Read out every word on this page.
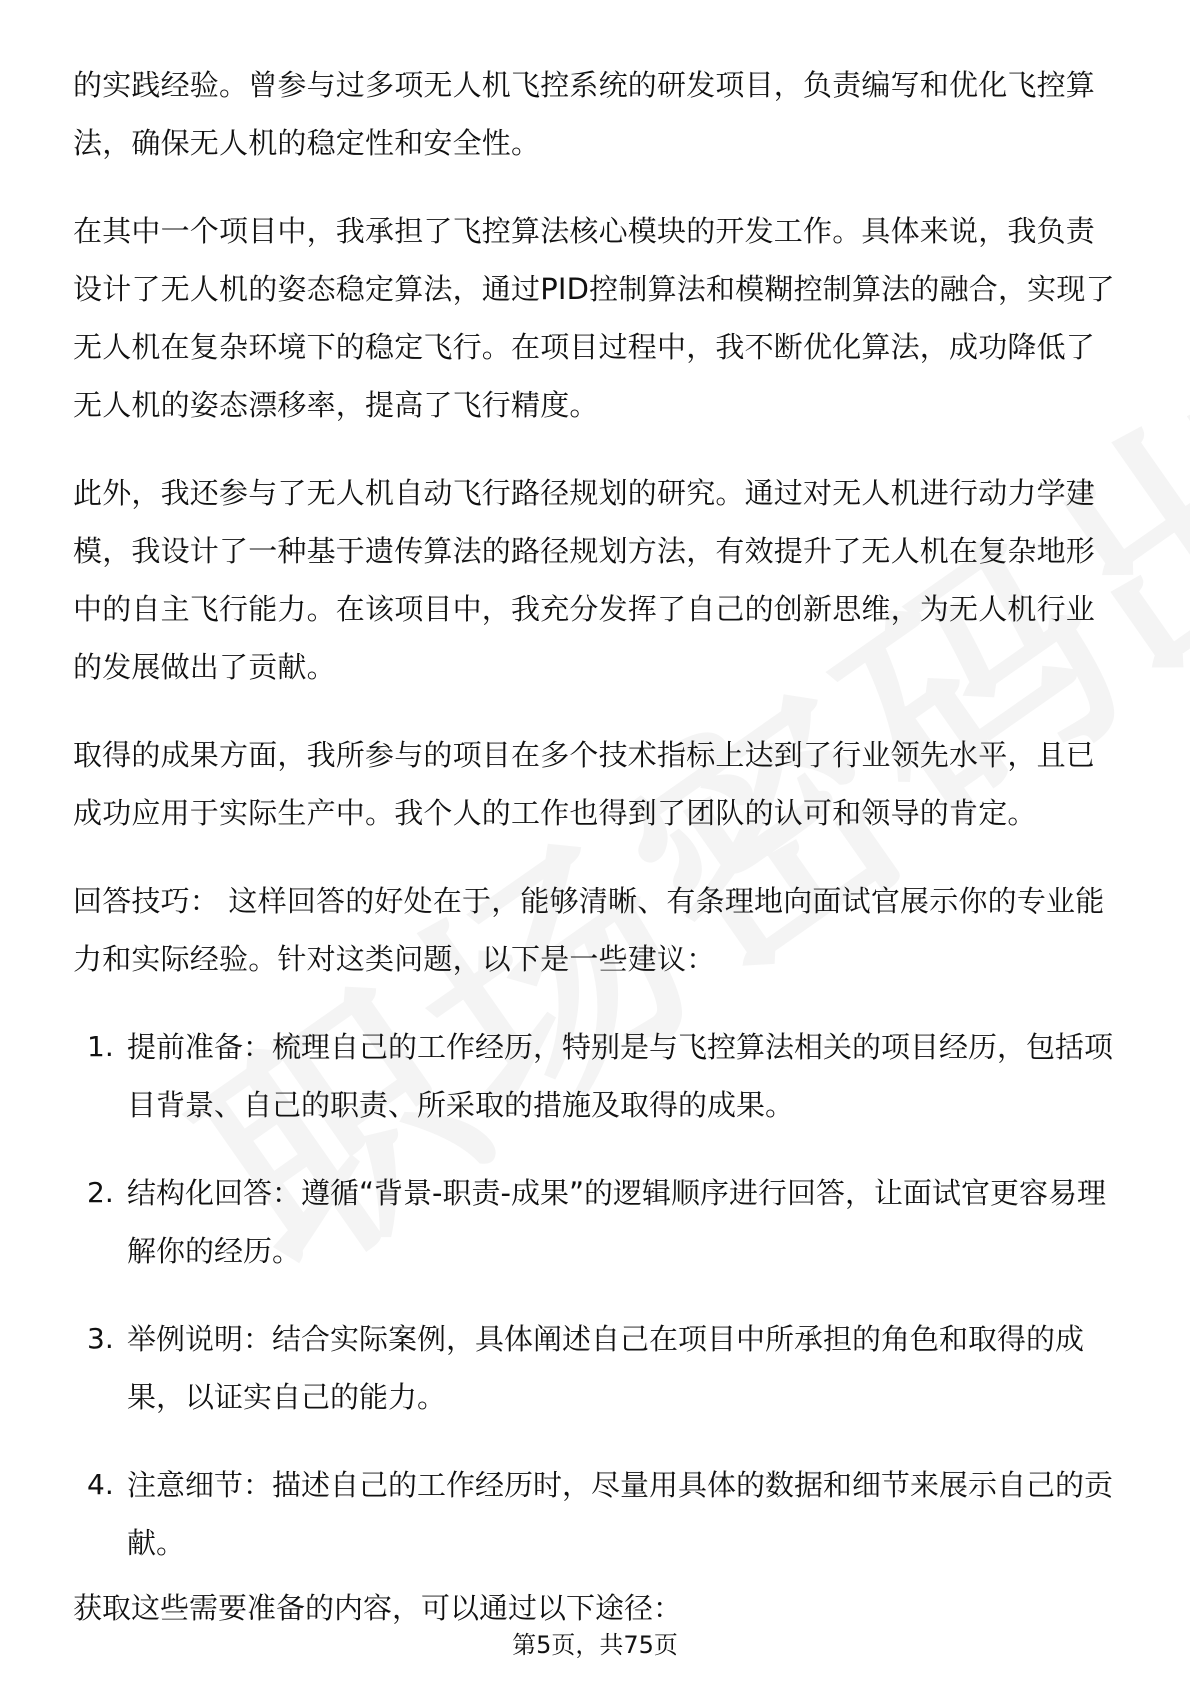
的实践经验。曾参与过多项无人机飞控系统的研发项目，负责编写和优化飞控算法，确保无人机的稳定性和安全性。

在其中一个项目中，我承担了飞控算法核心模块的开发工作。具体来说，我负责设计了无人机的姿态稳定算法，通过PID控制算法和模糊控制算法的融合，实现了无人机在复杂环境下的稳定飞行。在项目过程中，我不断优化算法，成功降低了无人机的姿态漂移率，提高了飞行精度。

此外，我还参与了无人机自动飞行路径规划的研究。通过对无人机进行动力学建模，我设计了一种基于遗传算法的路径规划方法，有效提升了无人机在复杂地形中的自主飞行能力。在该项目中，我充分发挥了自己的创新思维，为无人机行业的发展做出了贡献。

取得的成果方面，我所参与的项目在多个技术指标上达到了行业领先水平，且已成功应用于实际生产中。我个人的工作也得到了团队的认可和领导的肯定。

回答技巧： 这样回答的好处在于，能够清晰、有条理地向面试官展示你的专业能力和实际经验。针对这类问题，以下是一些建议：

1. 提前准备：梳理自己的工作经历，特别是与飞控算法相关的项目经历，包括项目背景、自己的职责、所采取的措施及取得的成果。

2. 结构化回答：遵循“背景-职责-成果”的逻辑顺序进行回答，让面试官更容易理解你的经历。

3. 举例说明：结合实际案例，具体阐述自己在项目中所承担的角色和取得的成果，以证实自己的能力。

4. 注意细节：描述自己的工作经历时，尽量用具体的数据和细节来展示自己的贡献。

获取这些需要准备的内容，可以通过以下途径：

第5页，共75页
